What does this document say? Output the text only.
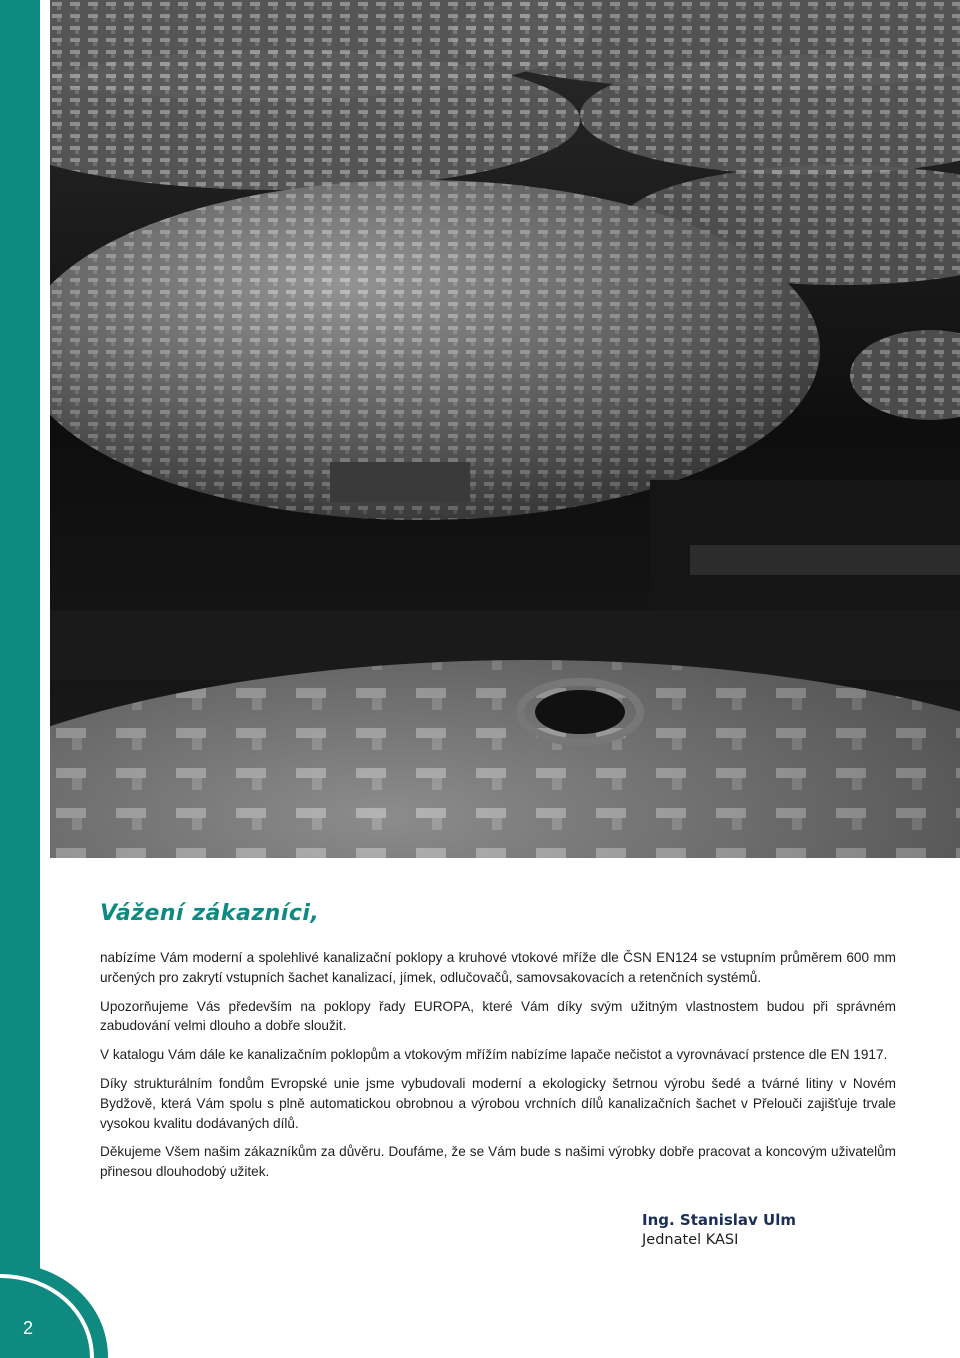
Vážení zákazníci,

nabízíme Vám moderní a spolehlivé kanalizační poklopy a kruhové vtokové mříže dle ČSN EN124 se vstupním průměrem 600 mm určených pro zakrytí vstupních šachet kanalizací, jímek, odlučovačů, samovsakovacích a retenčních systémů.

Upozorňujeme Vás především na poklopy řady EUROPA, které Vám díky svým užitným vlastnostem budou při správném zabudování velmi dlouho a dobře sloužit.

V katalogu Vám dále ke kanalizačním poklopům a vtokovým mřížím nabízíme lapače nečistot a vyrovnávací prstence dle EN 1917.

Díky strukturálním fondům Evropské unie jsme vybudovali moderní a ekologicky šetrnou výrobu šedé a tvárné litiny v Novém Bydžově, která Vám spolu s plně automatickou obrobnou a výrobou vrchních dílů kanalizačních šachet v Přelouči zajišťuje trvale vysokou kvalitu dodávaných dílů.

Děkujeme Všem našim zákazníkům za důvěru. Doufáme, že se Vám bude s našimi výrobky dobře pracovat a koncovým uživatelům přinesou dlouhodobý užitek.

Ing. Stanislav Ulm
Jednatel KASI
2
